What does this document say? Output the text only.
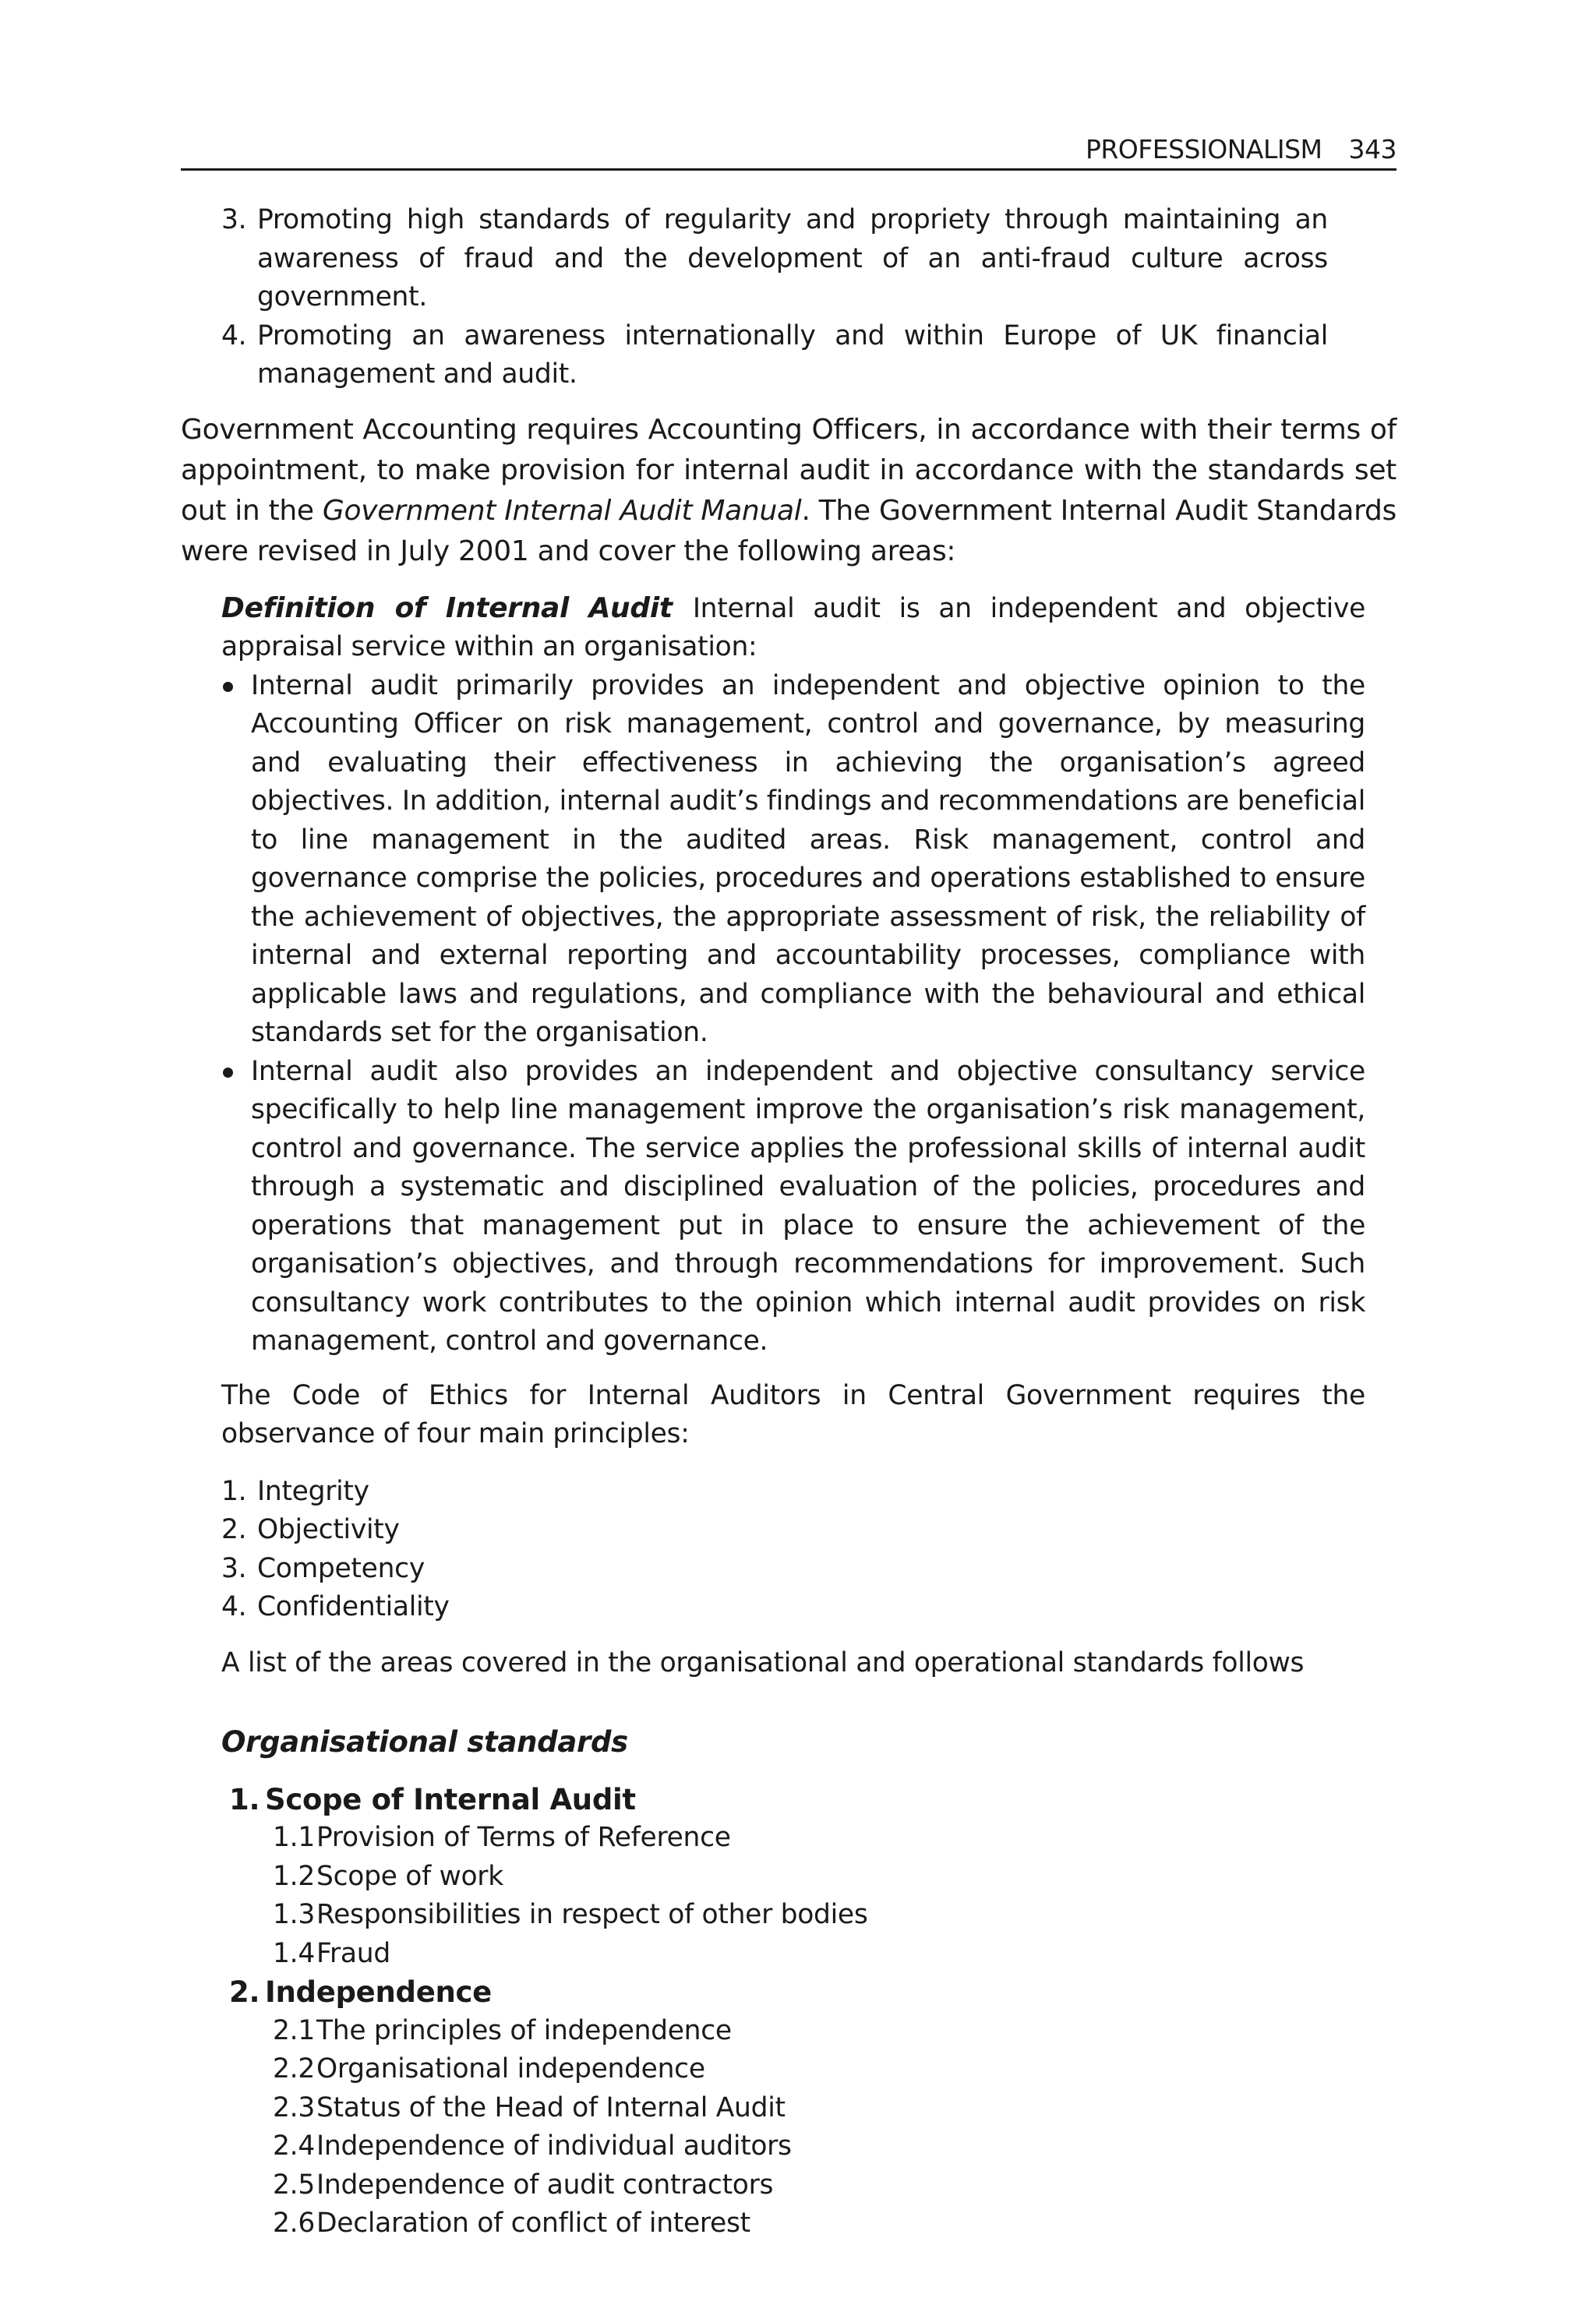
PROFESSIONALISM 343
3. Promoting high standards of regularity and propriety through maintaining an awareness of fraud and the development of an anti-fraud culture across government.
4. Promoting an awareness internationally and within Europe of UK financial management and audit.

Government Accounting requires Accounting Officers, in accordance with their terms of appointment, to make provision for internal audit in accordance with the standards set out in the Government Internal Audit Manual. The Government Internal Audit Standards were revised in July 2001 and cover the following areas:

Definition of Internal Audit Internal audit is an independent and objective appraisal service within an organisation:

Internal audit primarily provides an independent and objective opinion to the Accounting Officer on risk management, control and governance, by measuring and evaluating their effectiveness in achieving the organisation’s agreed objectives. In addition, internal audit’s findings and recommendations are beneficial to line management in the audited areas. Risk management, control and governance comprise the policies, procedures and operations established to ensure the achievement of objectives, the appropriate assessment of risk, the reliability of internal and external reporting and accountability processes, compliance with applicable laws and regulations, and compliance with the behavioural and ethical standards set for the organisation.
Internal audit also provides an independent and objective consultancy service specifically to help line management improve the organisation’s risk management, control and governance. The service applies the professional skills of internal audit through a systematic and disciplined evaluation of the policies, procedures and operations that management put in place to ensure the achievement of the organisation’s objectives, and through recommendations for improvement. Such consultancy work contributes to the opinion which internal audit provides on risk management, control and governance.

The Code of Ethics for Internal Auditors in Central Government requires the observance of four main principles:

1. Integrity
2. Objectivity
3. Competency
4. Confidentiality

A list of the areas covered in the organisational and operational standards follows

Organisational standards
1. Scope of Internal Audit
1.1 Provision of Terms of Reference
1.2 Scope of work
1.3 Responsibilities in respect of other bodies
1.4 Fraud
2. Independence
2.1 The principles of independence
2.2 Organisational independence
2.3 Status of the Head of Internal Audit
2.4 Independence of individual auditors
2.5 Independence of audit contractors
2.6 Declaration of conflict of interest
